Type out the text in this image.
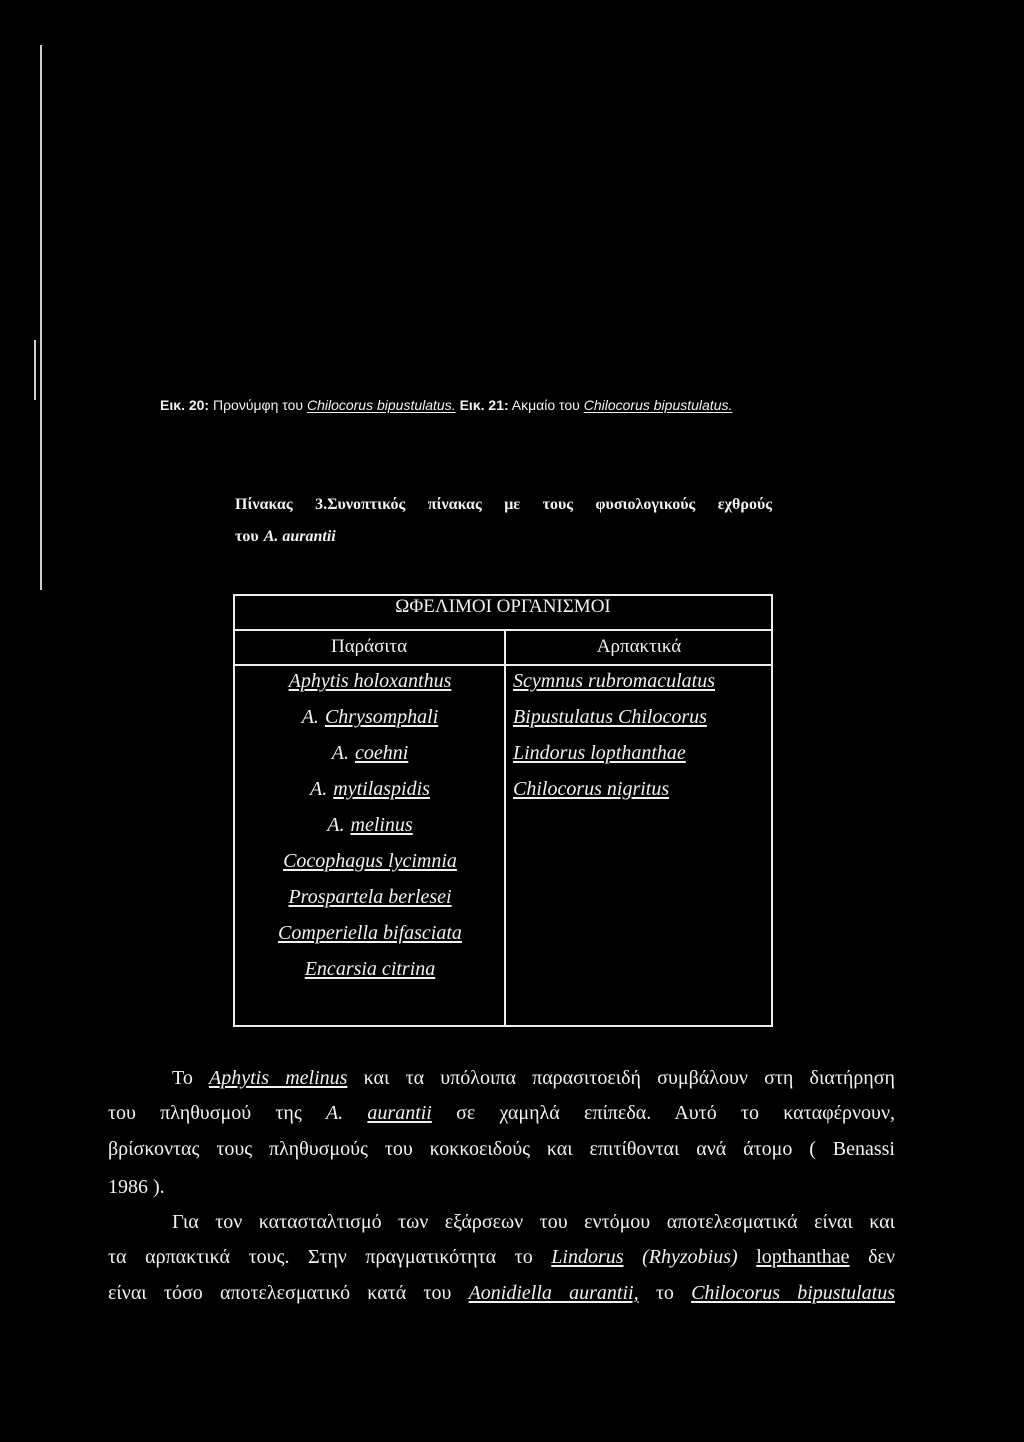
Εικ. 20: Προνύμφη του Chilocorus bipustulatus. Εικ. 21: Ακμαίο του Chilocorus bipustulatus.
Πίνακας 3.Συνοπτικός πίνακας με τους φυσιολογικούς εχθρούς
του A. aurantii
ΩΦΕΛΙΜΟΙ ΟΡΓΑΝΙΣΜΟΙ
Παράσιτα	Αρπακτικά
Aphytis holoxanthus
A. Chrysomphali
A. coehni
A. mytilaspidis
A. melinus
Cocophagus lycimnia
Prospartela berlesei
Comperiella bifasciata
Encarsia citrina
Scymnus rubromaculatus
Bipustulatus Chilocorus
Lindorus lopthanthae
Chilocorus nigritus
Το Aphytis melinus και τα υπόλοιπα παρασιτοειδή συμβάλουν στη διατήρηση
του πληθυσμού της A. aurantii σε χαμηλά επίπεδα. Αυτό το καταφέρνουν,
βρίσκοντας τους πληθυσμούς του κοκκοειδούς και επιτίθονται ανά άτομο ( Benassi
1986 ).
Για τον κατασταλτισμό των εξάρσεων του εντόμου αποτελεσματικά είναι και
τα αρπακτικά τους. Στην πραγματικότητα το Lindorus (Rhyzobius) lopthanthae δεν
είναι τόσο αποτελεσματικό κατά του Aonidiella aurantii, το Chilocorus bipustulatus
